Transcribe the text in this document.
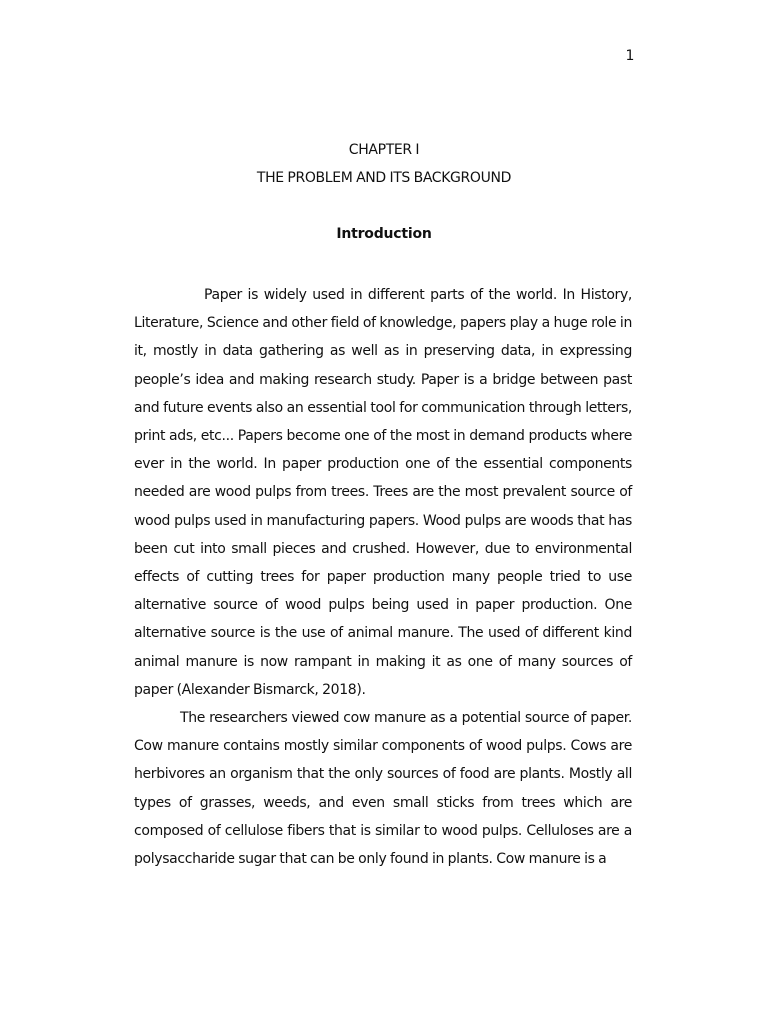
1
CHAPTER I
THE PROBLEM AND ITS BACKGROUND
Introduction

Paper is widely used in different parts of the world. In History, Literature, Science and other field of knowledge, papers play a huge role in it, mostly in data gathering as well as in preserving data, in expressing people’s idea and making research study. Paper is a bridge between past and future events also an essential tool for communication through letters, print ads, etc... Papers become one of the most in demand products where ever in the world. In paper production one of the essential components needed are wood pulps from trees. Trees are the most prevalent source of wood pulps used in manufacturing papers. Wood pulps are woods that has been cut into small pieces and crushed. However, due to environmental effects of cutting trees for paper production many people tried to use alternative source of wood pulps being used in paper production. One alternative source is the use of animal manure. The used of different kind animal manure is now rampant in making it as one of many sources of paper (Alexander Bismarck, 2018).

The researchers viewed cow manure as a potential source of paper. Cow manure contains mostly similar components of wood pulps. Cows are herbivores an organism that the only sources of food are plants. Mostly all types of grasses, weeds, and even small sticks from trees which are composed of cellulose fibers that is similar to wood pulps. Celluloses are a polysaccharide sugar that can be only found in plants. Cow manure is a
